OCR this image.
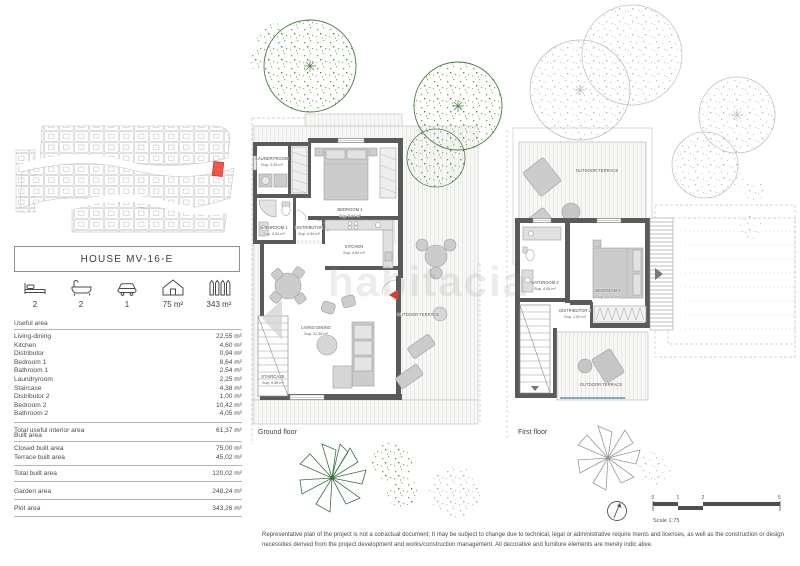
HOUSE MV-16-E
2	2	1	75 m²	343 m²
Useful area
Living-dining	22,55 m²
Kitchen	4,60 m²
Distributor	0,94 m²
Bedroom 1	8,64 m²
Bathroom 1	2,54 m²
Laundryroom	2,25 m²
Staircase	4,38 m²
Distributor 2	1,00 m²
Bedroom 2	10,42 m²
Bathroom 2	4,05 m²
Total useful interior area	61,37 m²
Built area
Closed built area	75,00 m²
Terrace built area	45,02 m²
Total built area	120,02 m²
Garden area	248,24 m²
Plot area	343,26 m²
LAUNDRYROOM
Sup. 2.25 m²
BEDROOM 1
Sup. 8.64 m²
BATHROOM 1
Sup. 2.54 m²
DISTRIBUTOR
Sup. 0.94 m²
KITCHEN
Sup. 4.60 m²
LIVING-DINING
Sup. 22.55 m²
STAIRCASE
Sup. 4.38 m²
OUTDOOR TERRACE
Ground floor
OUTDOOR TERRACE
OUTDOOR TERRACE
BATHROOM 2
Sup. 4.05 m²	BEDROOM 2
Sup. 10.42 m²
DISTRIBUTOR 2
Sup. 1.00 m²
First floor
0	1	2	5
Scale 1:75
Representative plan of the project is not a cotractual document; It may be subject to change due to technical, legal or administrative require ments and licenses, as well as the construction or design necessities derived from the project development and works/construction management. All decorative and furniture elements are merely indic ative.
